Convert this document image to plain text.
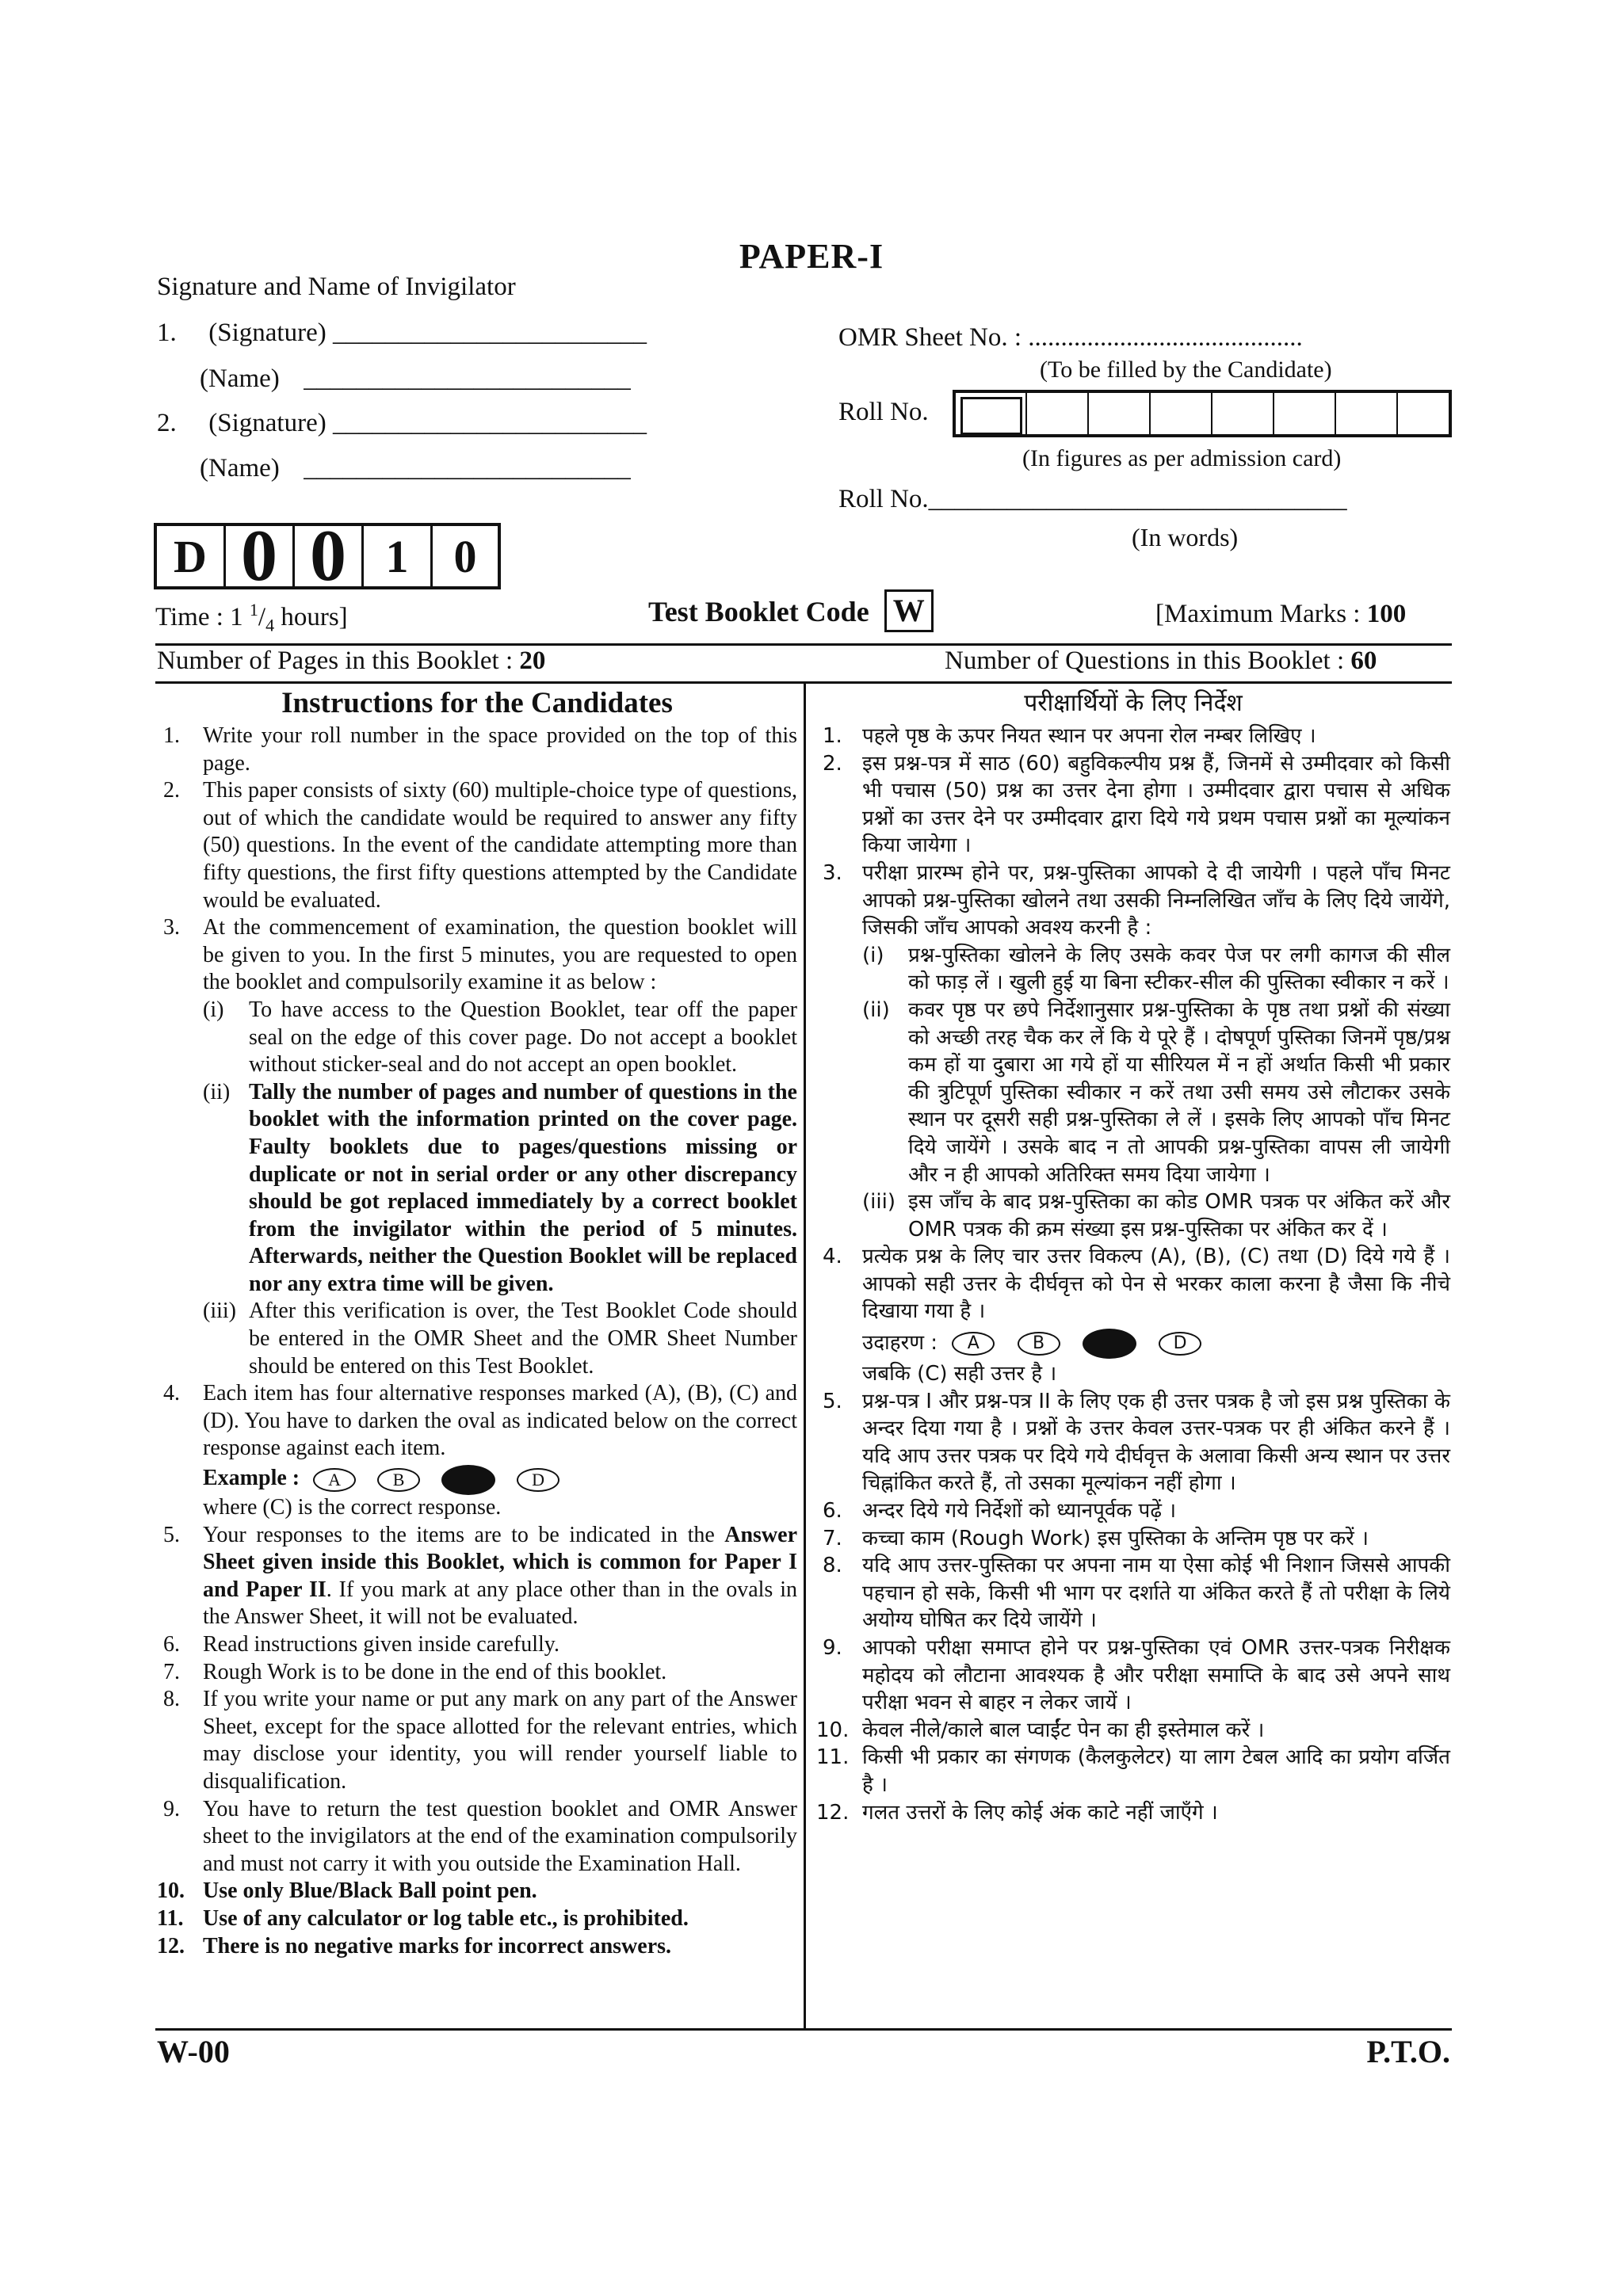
PAPER-I
Signature and Name of Invigilator
1. (Signature) ________________________
(Name) _________________________
2. (Signature) ________________________
(Name) _________________________
OMR Sheet No. : ..........................................
(To be filled by the Candidate)
Roll No.
(In figures as per admission card)
Roll No.________________________________
(In words)
D 0 0 1 0
Time : 1 $^1/_4$ hours]	Test Booklet Code W	[Maximum Marks : 100
Number of Pages in this Booklet : 20	Number of Questions in this Booklet : 60
Instructions for the Candidates
1. Write your roll number in the space provided on the top of this page.
2. This paper consists of sixty (60) multiple-choice type of questions, out of which the candidate would be required to answer any fifty (50) questions. In the event of the candidate attempting more than fifty questions, the first fifty questions attempted by the Candidate would be evaluated.
3. At the commencement of examination, the question booklet will be given to you. In the first 5 minutes, you are requested to open the booklet and compulsorily examine it as below :
(i) To have access to the Question Booklet, tear off the paper seal on the edge of this cover page. Do not accept a booklet without sticker-seal and do not accept an open booklet.
(ii) Tally the number of pages and number of questions in the booklet with the information printed on the cover page. Faulty booklets due to pages/questions missing or duplicate or not in serial order or any other discrepancy should be got replaced immediately by a correct booklet from the invigilator within the period of 5 minutes. Afterwards, neither the Question Booklet will be replaced nor any extra time will be given.
(iii) After this verification is over, the Test Booklet Code should be entered in the OMR Sheet and the OMR Sheet Number should be entered on this Test Booklet.
4. Each item has four alternative responses marked (A), (B), (C) and (D). You have to darken the oval as indicated below on the correct response against each item.
Example : A	B	D
where (C) is the correct response.
5. Your responses to the items are to be indicated in the Answer Sheet given inside this Booklet, which is common for Paper I and Paper II. If you mark at any place other than in the ovals in the Answer Sheet, it will not be evaluated.
6. Read instructions given inside carefully.
7. Rough Work is to be done in the end of this booklet.
8. If you write your name or put any mark on any part of the Answer Sheet, except for the space allotted for the relevant entries, which may disclose your identity, you will render yourself liable to disqualification.
9. You have to return the test question booklet and OMR Answer sheet to the invigilators at the end of the examination compulsorily and must not carry it with you outside the Examination Hall.
10. Use only Blue/Black Ball point pen.
11. Use of any calculator or log table etc., is prohibited.
12. There is no negative marks for incorrect answers.
परीक्षार्थियों के लिए निर्देश
1. पहले पृष्ठ के ऊपर नियत स्थान पर अपना रोल नम्बर लिखिए ।
2. इस प्रश्न-पत्र में साठ (60) बहुविकल्पीय प्रश्न हैं, जिनमें से उम्मीदवार को किसी भी पचास (50) प्रश्न का उत्तर देना होगा । उम्मीदवार द्वारा पचास से अधिक प्रश्नों का उत्तर देने पर उम्मीदवार द्वारा दिये गये प्रथम पचास प्रश्नों का मूल्यांकन किया जायेगा ।
3. परीक्षा प्रारम्भ होने पर, प्रश्न-पुस्तिका आपको दे दी जायेगी । पहले पाँच मिनट आपको प्रश्न-पुस्तिका खोलने तथा उसकी निम्नलिखित जाँच के लिए दिये जायेंगे, जिसकी जाँच आपको अवश्य करनी है :
(i) प्रश्न-पुस्तिका खोलने के लिए उसके कवर पेज पर लगी कागज की सील को फाड़ लें । खुली हुई या बिना स्टीकर-सील की पुस्तिका स्वीकार न करें ।
(ii) कवर पृष्ठ पर छपे निर्देशानुसार प्रश्न-पुस्तिका के पृष्ठ तथा प्रश्नों की संख्या को अच्छी तरह चैक कर लें कि ये पूरे हैं । दोषपूर्ण पुस्तिका जिनमें पृष्ठ/प्रश्न कम हों या दुबारा आ गये हों या सीरियल में न हों अर्थात किसी भी प्रकार की त्रुटिपूर्ण पुस्तिका स्वीकार न करें तथा उसी समय उसे लौटाकर उसके स्थान पर दूसरी सही प्रश्न-पुस्तिका ले लें । इसके लिए आपको पाँच मिनट दिये जायेंगे । उसके बाद न तो आपकी प्रश्न-पुस्तिका वापस ली जायेगी और न ही आपको अतिरिक्त समय दिया जायेगा ।
(iii) इस जाँच के बाद प्रश्न-पुस्तिका का कोड OMR पत्रक पर अंकित करें और OMR पत्रक की क्रम संख्या इस प्रश्न-पुस्तिका पर अंकित कर दें ।
4. प्रत्येक प्रश्न के लिए चार उत्तर विकल्प (A), (B), (C) तथा (D) दिये गये हैं । आपको सही उत्तर के दीर्घवृत्त को पेन से भरकर काला करना है जैसा कि नीचे दिखाया गया है ।
उदाहरण : A	B	D
जबकि (C) सही उत्तर है ।
5. प्रश्न-पत्र I और प्रश्न-पत्र II के लिए एक ही उत्तर पत्रक है जो इस प्रश्न पुस्तिका के अन्दर दिया गया है । प्रश्नों के उत्तर केवल उत्तर-पत्रक पर ही अंकित करने हैं । यदि आप उत्तर पत्रक पर दिये गये दीर्घवृत्त के अलावा किसी अन्य स्थान पर उत्तर चिह्नांकित करते हैं, तो उसका मूल्यांकन नहीं होगा ।
6. अन्दर दिये गये निर्देशों को ध्यानपूर्वक पढ़ें ।
7. कच्चा काम (Rough Work) इस पुस्तिका के अन्तिम पृष्ठ पर करें ।
8. यदि आप उत्तर-पुस्तिका पर अपना नाम या ऐसा कोई भी निशान जिससे आपकी पहचान हो सके, किसी भी भाग पर दर्शाते या अंकित करते हैं तो परीक्षा के लिये अयोग्य घोषित कर दिये जायेंगे ।
9. आपको परीक्षा समाप्त होने पर प्रश्न-पुस्तिका एवं OMR उत्तर-पत्रक निरीक्षक महोदय को लौटाना आवश्यक है और परीक्षा समाप्ति के बाद उसे अपने साथ परीक्षा भवन से बाहर न लेकर जायें ।
10. केवल नीले/काले बाल प्वाईंट पेन का ही इस्तेमाल करें ।
11. किसी भी प्रकार का संगणक (कैलकुलेटर) या लाग टेबल आदि का प्रयोग वर्जित है ।
12. गलत उत्तरों के लिए कोई अंक काटे नहीं जाएँगे ।
W-00	P.T.O.
